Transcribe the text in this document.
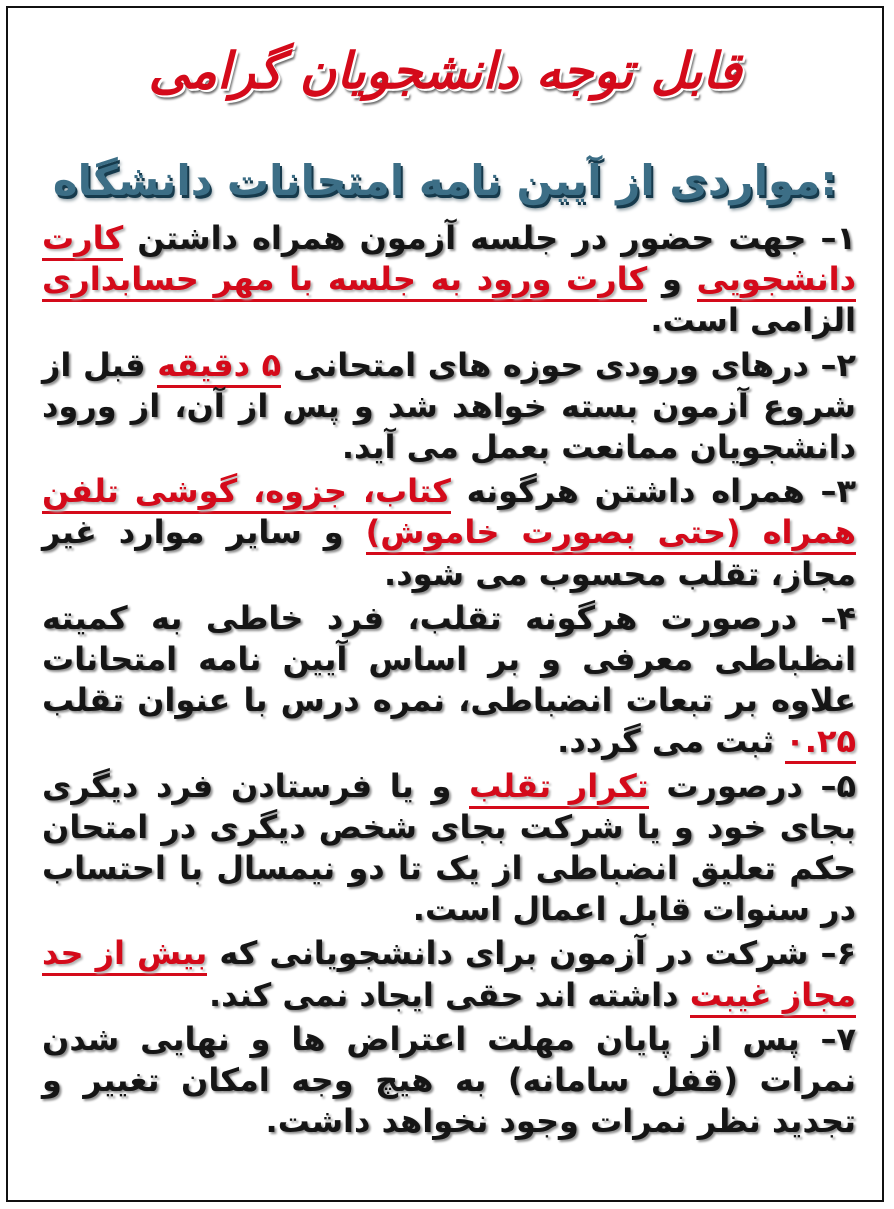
قابل توجه دانشجویان گرامی
مواردی از آیین نامه امتحانات دانشگاه:

۱– جهت حضور در جلسه آزمون همراه داشتن کارت دانشجویی و کارت ورود به جلسه با مهر حسابداری الزامی است.

۲– درهای ورودی حوزه های امتحانی ۵ دقیقه قبل از شروع آزمون بسته خواهد شد و پس از آن، از ورود دانشجویان ممانعت بعمل می آید.

۳– همراه داشتن هرگونه کتاب، جزوه، گوشی تلفن همراه (حتی بصورت خاموش) و سایر موارد غیر مجاز، تقلب محسوب می شود.

۴– درصورت هرگونه تقلب، فرد خاطی به کمیته انظباطی معرفی و بر اساس آیین نامه امتحانات علاوه بر تبعات انضباطی، نمره درس با عنوان تقلب ۰.۲۵ ثبت می گردد.

۵– درصورت تکرار تقلب و یا فرستادن فرد دیگری بجای خود و یا شرکت بجای شخص دیگری در امتحان حکم تعلیق انضباطی از یک تا دو نیمسال با احتساب در سنوات قابل اعمال است.

۶– شرکت در آزمون برای دانشجویانی که بیش از حد مجاز غیبت داشته اند حقی ایجاد نمی کند.

۷– پس از پایان مهلت اعتراض ها و نهایی شدن نمرات (قفل سامانه) به هیچ وجه امکان تغییر و تجدید نظر نمرات وجود نخواهد داشت.
